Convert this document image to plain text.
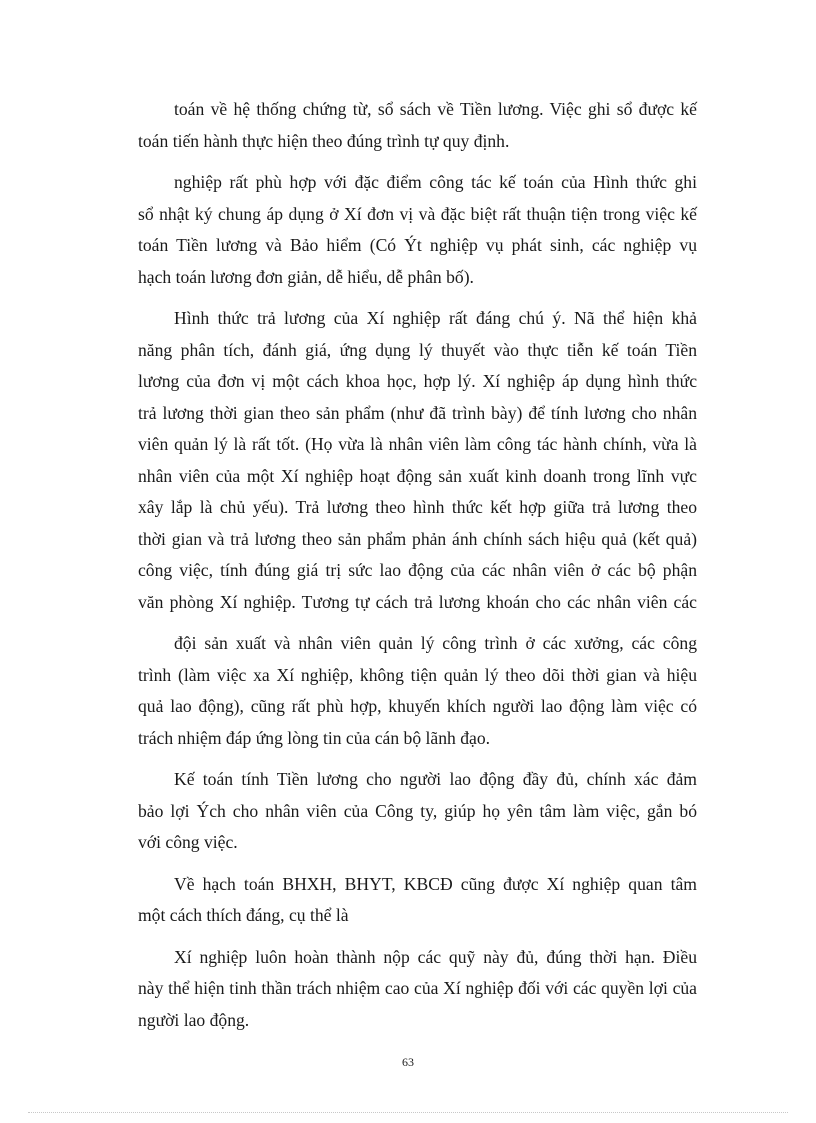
toán về hệ thống chứng từ, sổ sách về Tiền lương. Việc ghi sổ được kế
toán tiến hành thực hiện theo đúng trình tự quy định.
nghiệp rất phù hợp với đặc điểm công tác kế toán của Hình thức ghi
sổ nhật ký chung áp dụng ở Xí đơn vị và đặc biệt rất thuận tiện trong việc kế
toán Tiền lương và Bảo hiểm (Có Ýt nghiệp vụ phát sinh, các nghiệp vụ
hạch toán lương đơn giản, dễ hiểu, dễ phân bố).
Hình thức trả lương của Xí nghiệp rất đáng chú ý. Nã thể hiện khả
năng phân tích, đánh giá, ứng dụng lý thuyết vào thực tiễn kế toán Tiền
lương của đơn vị một cách khoa học, hợp lý. Xí nghiệp áp dụng hình thức
trả lương thời gian theo sản phẩm (như đã trình bày) để tính lương cho nhân
viên quản lý là rất tốt. (Họ vừa là nhân viên làm công tác hành chính, vừa là
nhân viên của một Xí nghiệp hoạt động sản xuất kinh doanh trong lĩnh vực
xây lắp là chủ yếu). Trả lương theo hình thức kết hợp giữa trả lương theo
thời gian và trả lương theo sản phẩm phản ánh chính sách hiệu quả (kết quả)
công việc, tính đúng giá trị sức lao động của các nhân viên ở các bộ phận
văn phòng Xí nghiệp. Tương tự cách trả lương khoán cho các nhân viên các
đội sản xuất và nhân viên quản lý công trình ở các xưởng, các công
trình (làm việc xa Xí nghiệp, không tiện quản lý theo dõi thời gian và hiệu
quả lao động), cũng rất phù hợp, khuyến khích người lao động làm việc có
trách nhiệm đáp ứng lòng tin của cán bộ lãnh đạo.
Kế toán tính Tiền lương cho người lao động đầy đủ, chính xác đảm
bảo lợi Ých cho nhân viên của Công ty, giúp họ yên tâm làm việc, gắn bó
với công việc.
Về hạch toán BHXH, BHYT, KBCĐ cũng được Xí nghiệp quan tâm
một cách thích đáng, cụ thể là
Xí nghiệp luôn hoàn thành nộp các quỹ này đủ, đúng thời hạn. Điều
này thể hiện tinh thần trách nhiệm cao của Xí nghiệp đối với các quyền lợi của
người lao động.
63
